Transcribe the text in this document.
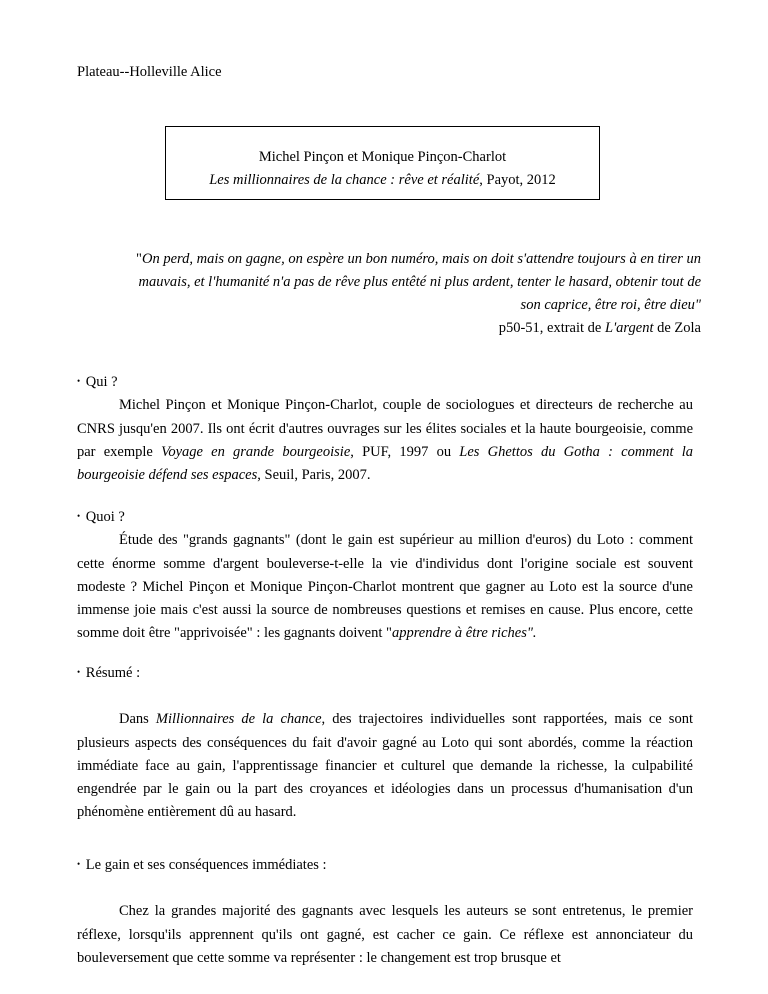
Plateau--Holleville Alice
Michel Pinçon et Monique Pinçon-Charlot
Les millionnaires de la chance : rêve et réalité, Payot, 2012
"On perd, mais on gagne, on espère un bon numéro, mais on doit s'attendre toujours à en tirer un
mauvais, et l'humanité n'a pas de rêve plus entêté ni plus ardent, tenter le hasard, obtenir tout de
son caprice, être roi, être dieu"
p50-51, extrait de L'argent de Zola
• Qui ?
Michel Pinçon et Monique Pinçon-Charlot, couple de sociologues et directeurs de recherche au CNRS jusqu'en 2007. Ils ont écrit d'autres ouvrages sur les élites sociales et la haute bourgeoisie, comme par exemple Voyage en grande bourgeoisie, PUF, 1997 ou Les Ghettos du Gotha : comment la bourgeoisie défend ses espaces, Seuil, Paris, 2007.
• Quoi ?
Étude des "grands gagnants" (dont le gain est supérieur au million d'euros) du Loto : comment cette énorme somme d'argent bouleverse-t-elle la vie d'individus dont l'origine sociale est souvent modeste ? Michel Pinçon et Monique Pinçon-Charlot montrent que gagner au Loto est la source d'une immense joie mais c'est aussi la source de nombreuses questions et remises en cause. Plus encore, cette somme doit être "apprivoisée" : les gagnants doivent "apprendre à être riches".
• Résumé :
Dans Millionnaires de la chance, des trajectoires individuelles sont rapportées, mais ce sont plusieurs aspects des conséquences du fait d'avoir gagné au Loto qui sont abordés, comme la réaction immédiate face au gain, l'apprentissage financier et culturel que demande la richesse, la culpabilité engendrée par le gain ou la part des croyances et idéologies dans un processus d'humanisation d'un phénomène entièrement dû au hasard.
• Le gain et ses conséquences immédiates :
Chez la grandes majorité des gagnants avec lesquels les auteurs se sont entretenus, le premier réflexe, lorsqu'ils apprennent qu'ils ont gagné, est cacher ce gain. Ce réflexe est annonciateur du bouleversement que cette somme va représenter : le changement est trop brusque et
